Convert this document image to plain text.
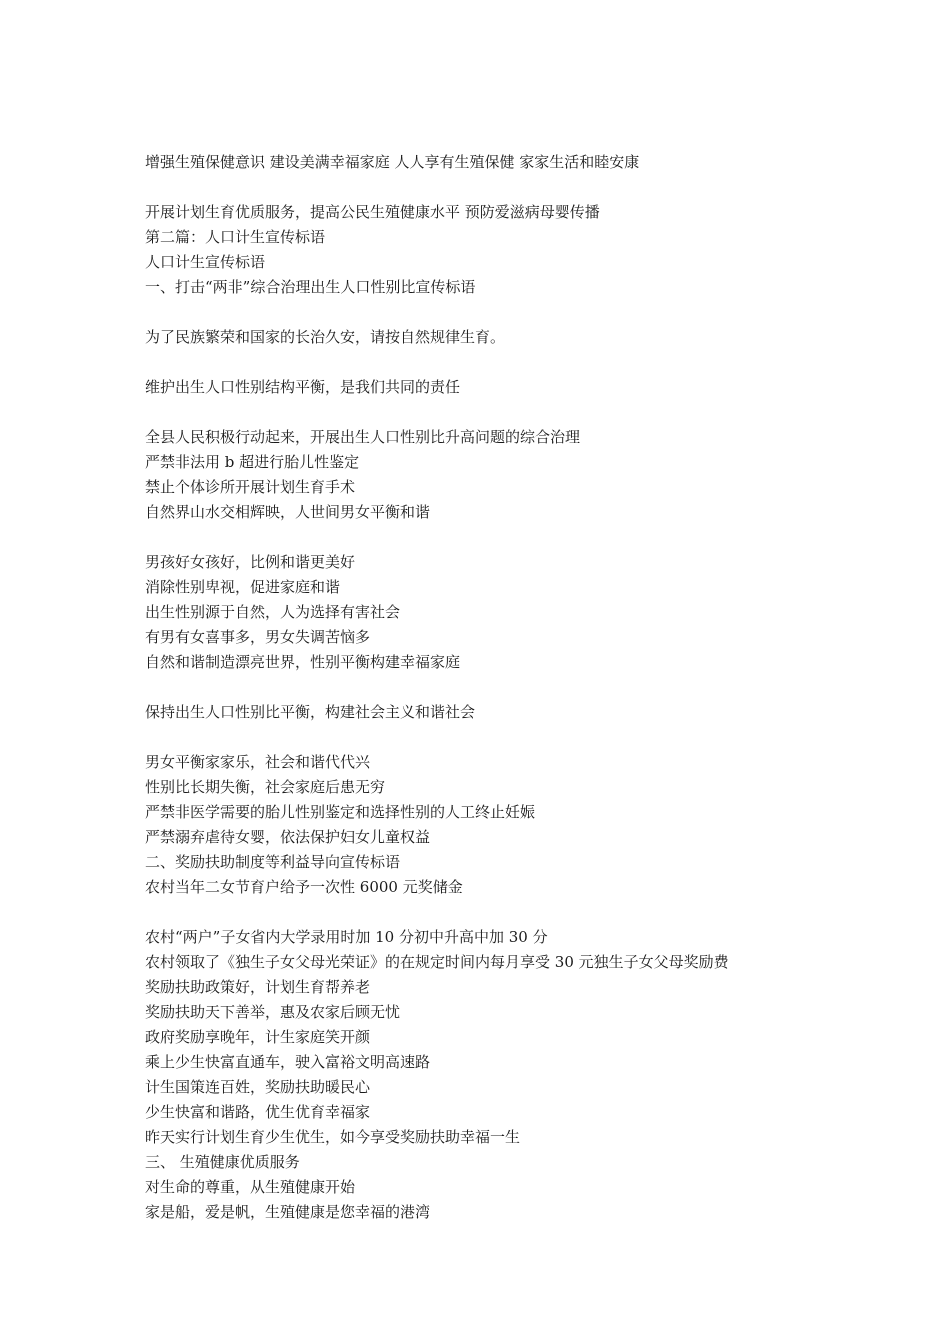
增强生殖保健意识 建设美满幸福家庭 人人享有生殖保健 家家生活和睦安康
开展计划生育优质服务，提高公民生殖健康水平 预防爱滋病母婴传播
第二篇：人口计生宣传标语
人口计生宣传标语
一、打击“两非”综合治理出生人口性别比宣传标语
为了民族繁荣和国家的长治久安，请按自然规律生育。
维护出生人口性别结构平衡，是我们共同的责任
全县人民积极行动起来，开展出生人口性别比升高问题的综合治理
严禁非法用 b 超进行胎儿性鉴定
禁止个体诊所开展计划生育手术
自然界山水交相辉映，人世间男女平衡和谐
男孩好女孩好，比例和谐更美好
消除性别卑视，促进家庭和谐
出生性别源于自然，人为选择有害社会
有男有女喜事多，男女失调苦恼多
自然和谐制造漂亮世界，性别平衡构建幸福家庭
保持出生人口性别比平衡，构建社会主义和谐社会
男女平衡家家乐，社会和谐代代兴
性别比长期失衡，社会家庭后患无穷
严禁非医学需要的胎儿性别鉴定和选择性别的人工终止妊娠
严禁溺弃虐待女婴，依法保护妇女儿童权益
二、奖励扶助制度等利益导向宣传标语
农村当年二女节育户给予一次性 6000 元奖储金
农村“两户”子女省内大学录用时加 10 分初中升高中加 30 分
农村领取了《独生子女父母光荣证》的在规定时间内每月享受 30 元独生子女父母奖励费
奖励扶助政策好，计划生育帮养老
奖励扶助天下善举，惠及农家后顾无忧
政府奖励享晚年，计生家庭笑开颜
乘上少生快富直通车，驶入富裕文明高速路
计生国策连百姓，奖励扶助暖民心
少生快富和谐路，优生优育幸福家
昨天实行计划生育少生优生，如今享受奖励扶助幸福一生
三、 生殖健康优质服务
对生命的尊重，从生殖健康开始
家是船，爱是帆，生殖健康是您幸福的港湾
